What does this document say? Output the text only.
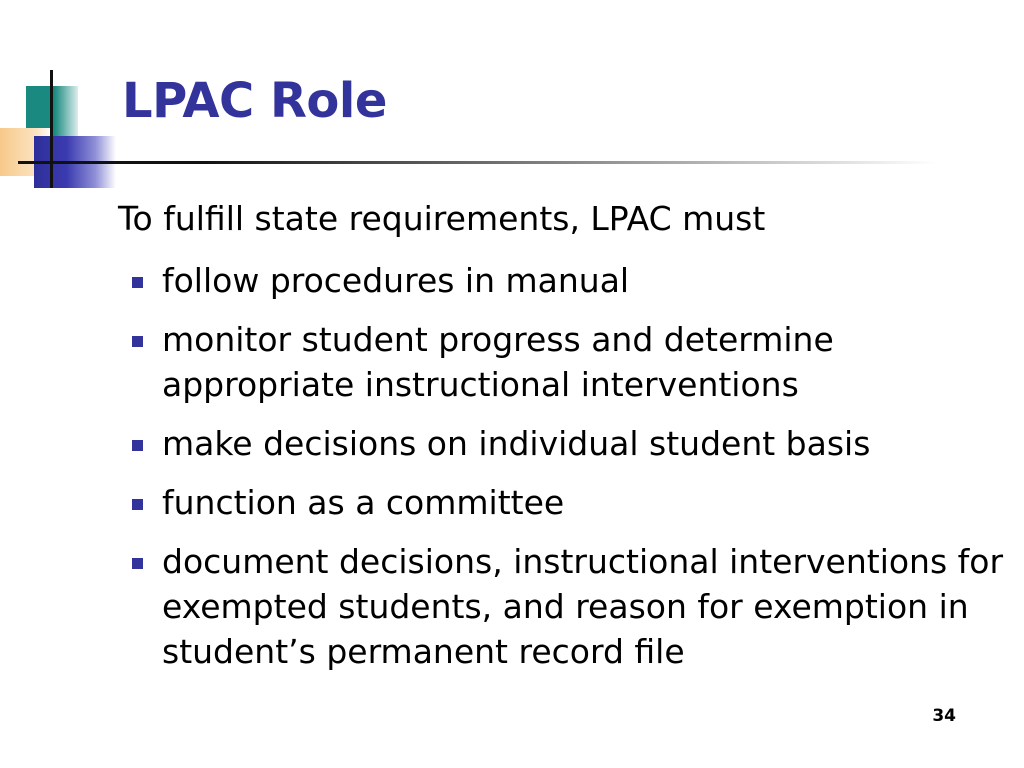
LPAC Role

To fulfill state requirements, LPAC must

follow procedures in manual
monitor student progress and determine appropriate instructional interventions
make decisions on individual student basis
function as a committee
document decisions, instructional interventions for exempted students, and reason for exemption in student’s permanent record file
34
